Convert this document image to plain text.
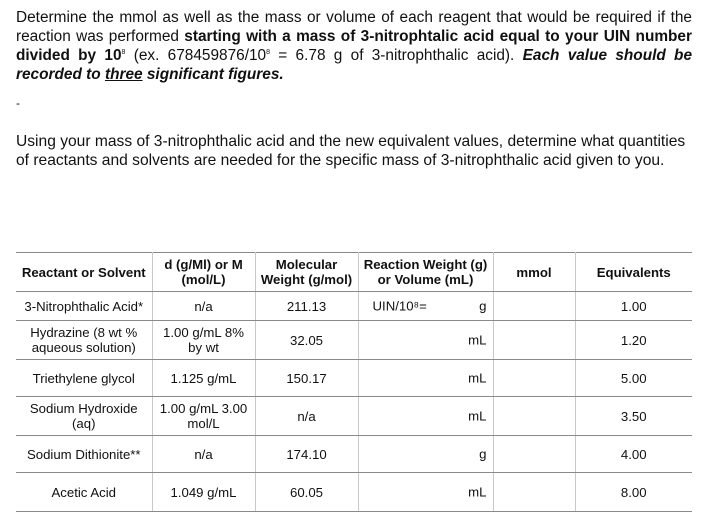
Determine the mmol as well as the mass or volume of each reagent that would be required if the reaction was performed starting with a mass of 3-nitrophtalic acid equal to your UIN number divided by $10^8$ (ex. $678459876/10^8 = 6.78$ g of 3-nitrophthalic acid). Each value should be recorded to three significant figures.
-
Using your mass of 3-nitrophthalic acid and the new equivalent values, determine what quantities of reactants and solvents are needed for the specific mass of 3-nitrophthalic acid given to you.
Reactant or Solvent	d (g/Ml) or M (mol/L)	Molecular Weight (g/mol)	Reaction Weight (g) or Volume (mL)	mmol	Equivalents
3-Nitrophthalic Acid*	n/a	211.13	UIN/10⁸= g		1.00
Hydrazine (8 wt % aqueous solution)	1.00 g/mL 8% by wt	32.05	mL		1.20
Triethylene glycol	1.125 g/mL	150.17	mL		5.00
Sodium Hydroxide (aq)	1.00 g/mL 3.00 mol/L	n/a	mL		3.50
Sodium Dithionite**	n/a	174.10	g		4.00
Acetic Acid	1.049 g/mL	60.05	mL		8.00
